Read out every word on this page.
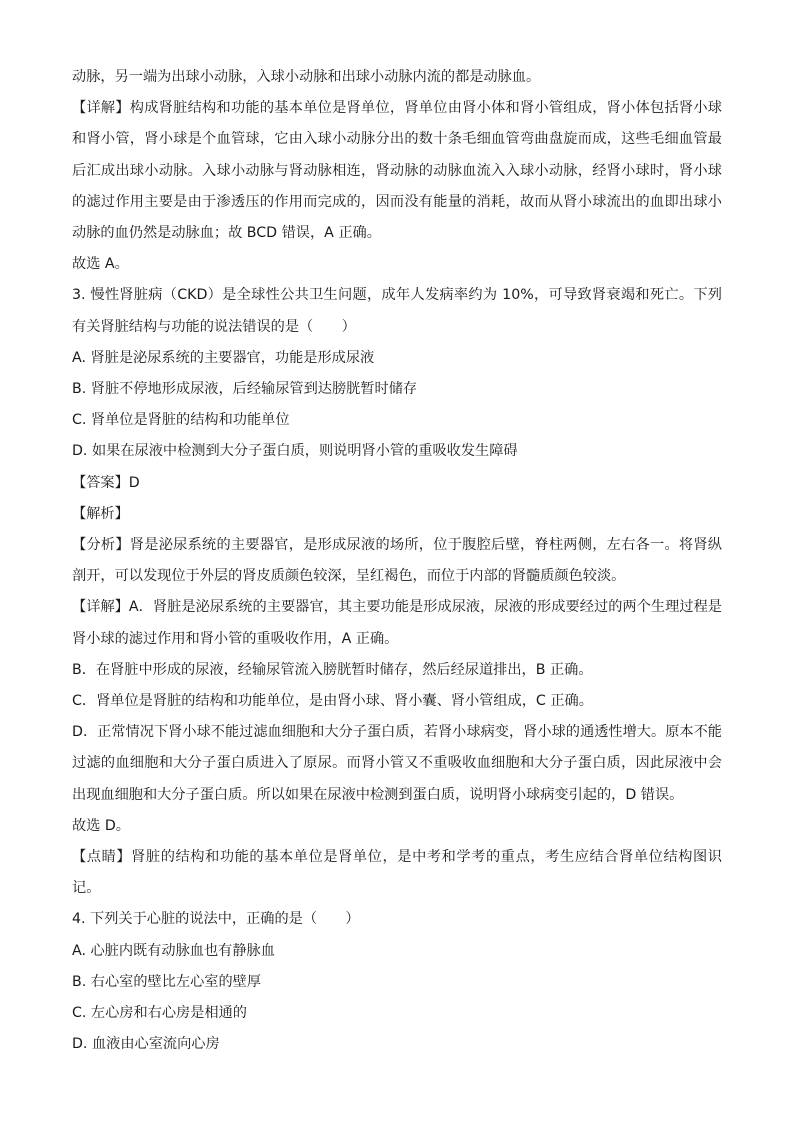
动脉，另一端为出球小动脉，入球小动脉和出球小动脉内流的都是动脉血。

【详解】构成肾脏结构和功能的基本单位是肾单位，肾单位由肾小体和肾小管组成，肾小体包括肾小球和肾小管，肾小球是个血管球，它由入球小动脉分出的数十条毛细血管弯曲盘旋而成，这些毛细血管最后汇成出球小动脉。入球小动脉与肾动脉相连，肾动脉的动脉血流入入球小动脉，经肾小球时，肾小球的滤过作用主要是由于渗透压的作用而完成的，因而没有能量的消耗，故而从肾小球流出的血即出球小动脉的血仍然是动脉血；故 BCD 错误，A 正确。

故选 A。

3. 慢性肾脏病（CKD）是全球性公共卫生问题，成年人发病率约为 10%，可导致肾衰竭和死亡。下列有关肾脏结构与功能的说法错误的是（　　）

A. 肾脏是泌尿系统的主要器官，功能是形成尿液

B. 肾脏不停地形成尿液，后经输尿管到达膀胱暂时储存

C. 肾单位是肾脏的结构和功能单位

D. 如果在尿液中检测到大分子蛋白质，则说明肾小管的重吸收发生障碍

【答案】D

【解析】

【分析】肾是泌尿系统的主要器官，是形成尿液的场所，位于腹腔后壁，脊柱两侧，左右各一。将肾纵剖开，可以发现位于外层的肾皮质颜色较深，呈红褐色，而位于内部的肾髓质颜色较淡。

【详解】A．肾脏是泌尿系统的主要器官，其主要功能是形成尿液，尿液的形成要经过的两个生理过程是肾小球的滤过作用和肾小管的重吸收作用，A 正确。

B．在肾脏中形成的尿液，经输尿管流入膀胱暂时储存，然后经尿道排出，B 正确。

C．肾单位是肾脏的结构和功能单位，是由肾小球、肾小囊、肾小管组成，C 正确。

D．正常情况下肾小球不能过滤血细胞和大分子蛋白质，若肾小球病变，肾小球的通透性增大。原本不能过滤的血细胞和大分子蛋白质进入了原尿。而肾小管又不重吸收血细胞和大分子蛋白质，因此尿液中会出现血细胞和大分子蛋白质。所以如果在尿液中检测到蛋白质，说明肾小球病变引起的，D 错误。

故选 D。

【点睛】肾脏的结构和功能的基本单位是肾单位，是中考和学考的重点，考生应结合肾单位结构图识记。

4. 下列关于心脏的说法中，正确的是（　　）

A. 心脏内既有动脉血也有静脉血

B. 右心室的壁比左心室的壁厚

C. 左心房和右心房是相通的

D. 血液由心室流向心房
